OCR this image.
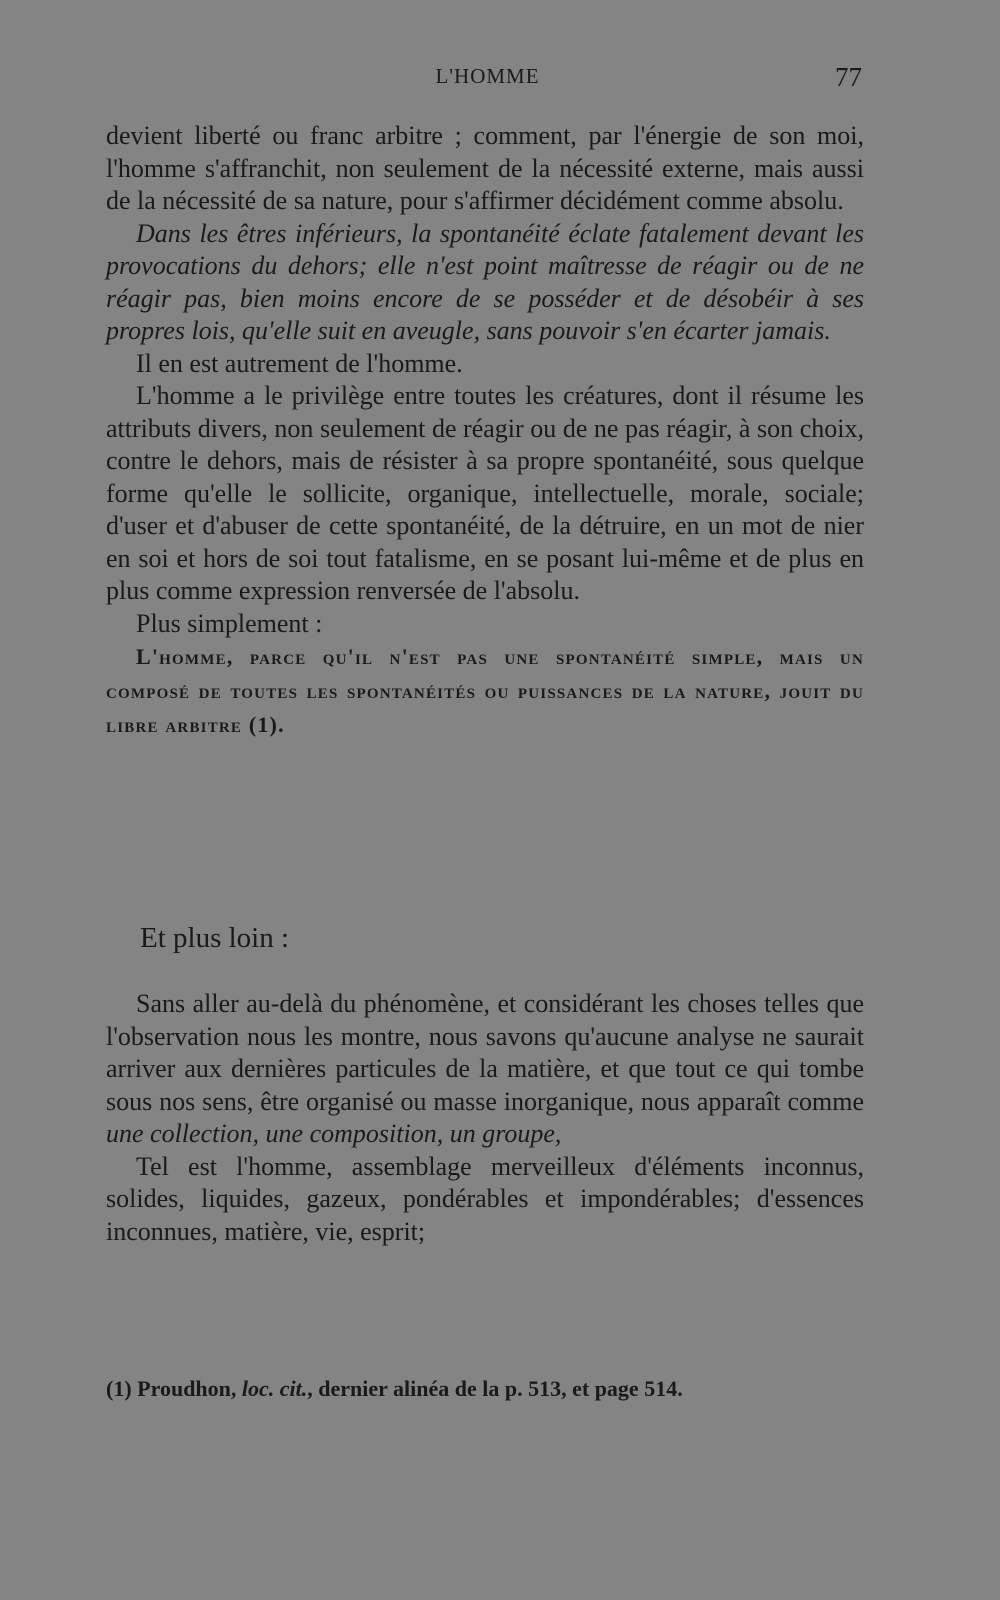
L'HOMME	77

devient liberté ou franc arbitre ; comment, par l'énergie de son moi, l'homme s'affranchit, non seulement de la nécessité externe, mais aussi de la nécessité de sa nature, pour s'affirmer décidément comme absolu.

Dans les êtres inférieurs, la spontanéité éclate fatalement devant les provocations du dehors; elle n'est point maîtresse de réagir ou de ne réagir pas, bien moins encore de se posséder et de désobéir à ses propres lois, qu'elle suit en aveugle, sans pouvoir s'en écarter jamais.

Il en est autrement de l'homme.

L'homme a le privilège entre toutes les créatures, dont il résume les attributs divers, non seulement de réagir ou de ne pas réagir, à son choix, contre le dehors, mais de résister à sa propre spontanéité, sous quelque forme qu'elle le sollicite, organique, intellectuelle, morale, sociale; d'user et d'abuser de cette spontanéité, de la détruire, en un mot de nier en soi et hors de soi tout fatalisme, en se posant lui-même et de plus en plus comme expression renversée de l'absolu.

Plus simplement :

L'homme, parce qu'il n'est pas une spontanéité simple, mais un composé de toutes les spontanéités ou puissances de la nature, jouit du libre arbitre (1).

Et plus loin :

Sans aller au-delà du phénomène, et considérant les choses telles que l'observation nous les montre, nous savons qu'aucune analyse ne saurait arriver aux dernières particules de la matière, et que tout ce qui tombe sous nos sens, être organisé ou masse inorganique, nous apparaît comme une collection, une composition, un groupe,

Tel est l'homme, assemblage merveilleux d'éléments inconnus, solides, liquides, gazeux, pondérables et impondérables; d'essences inconnues, matière, vie, esprit;

(1) Proudhon, loc. cit., dernier alinéa de la p. 513, et page 514.
